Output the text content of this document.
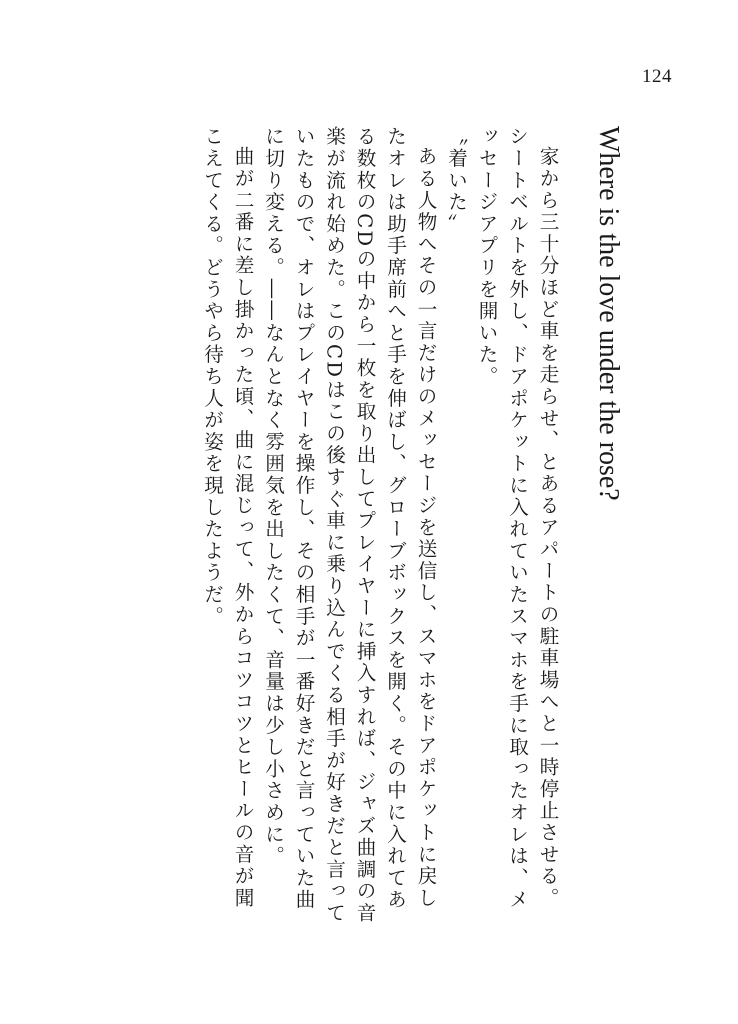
124
Where is the love under the rose?

家から三十分ほど車を走らせ、とあるアパートの駐車場へと一時停止させる。シートベルトを外し、ドアポケットに入れていたスマホを手に取ったオレは、メッセージアプリを開いた。

〝着いた〟

ある人物へその一言だけのメッセージを送信し、スマホをドアポケットに戻したオレは助手席前へと手を伸ばし、グローブボックスを開く。その中に入れてある数枚のCDの中から一枚を取り出してプレイヤーに挿入すれば、ジャズ曲調の音楽が流れ始めた。このCDはこの後すぐ車に乗り込んでくる相手が好きだと言っていたもので、オレはプレイヤーを操作し、その相手が一番好きだと言っていた曲に切り変える。――なんとなく雰囲気を出したくて、音量は少し小さめに。

曲が二番に差し掛かった頃、曲に混じって、外からコツコツとヒールの音が聞こえてくる。どうやら待ち人が姿を現したようだ。
